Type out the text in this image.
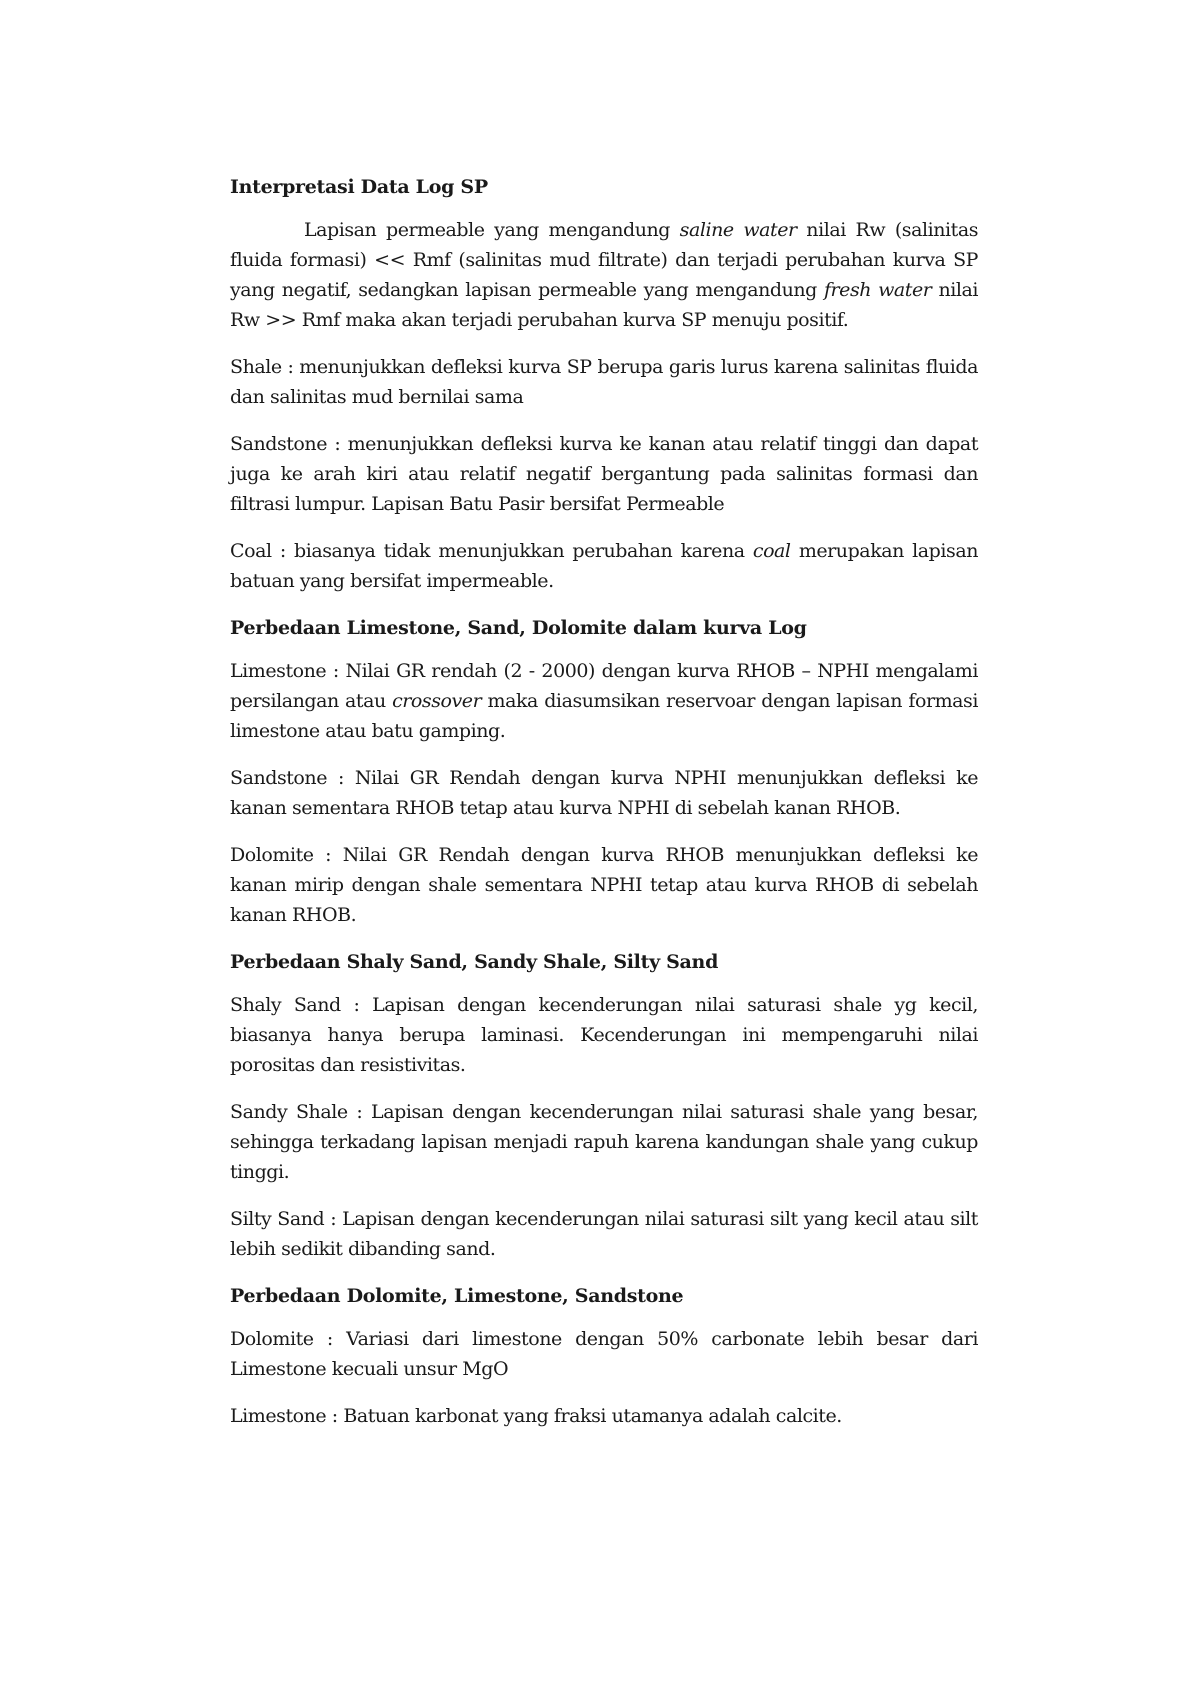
Interpretasi Data Log SP

Lapisan permeable yang mengandung saline water nilai Rw (salinitas fluida formasi) << Rmf (salinitas mud filtrate) dan terjadi perubahan kurva SP yang negatif, sedangkan lapisan permeable yang mengandung fresh water nilai Rw >> Rmf maka akan terjadi perubahan kurva SP menuju positif.

Shale : menunjukkan defleksi kurva SP berupa garis lurus karena salinitas fluida dan salinitas mud bernilai sama

Sandstone : menunjukkan defleksi kurva ke kanan atau relatif tinggi dan dapat juga ke arah kiri atau relatif negatif bergantung pada salinitas formasi dan filtrasi lumpur. Lapisan Batu Pasir bersifat Permeable

Coal : biasanya tidak menunjukkan perubahan karena coal merupakan lapisan batuan yang bersifat impermeable.

Perbedaan Limestone, Sand, Dolomite dalam kurva Log

Limestone : Nilai GR rendah (2 - 2000) dengan kurva RHOB – NPHI mengalami persilangan atau crossover maka diasumsikan reservoar dengan lapisan formasi limestone atau batu gamping.

Sandstone : Nilai GR Rendah dengan kurva NPHI menunjukkan defleksi ke kanan sementara RHOB tetap atau kurva NPHI di sebelah kanan RHOB.

Dolomite : Nilai GR Rendah dengan kurva RHOB menunjukkan defleksi ke kanan mirip dengan shale sementara NPHI tetap atau kurva RHOB di sebelah kanan RHOB.

Perbedaan Shaly Sand, Sandy Shale, Silty Sand

Shaly Sand : Lapisan dengan kecenderungan nilai saturasi shale yg kecil, biasanya hanya berupa laminasi. Kecenderungan ini mempengaruhi nilai porositas dan resistivitas.

Sandy Shale : Lapisan dengan kecenderungan nilai saturasi shale yang besar, sehingga terkadang lapisan menjadi rapuh karena kandungan shale yang cukup tinggi.

Silty Sand : Lapisan dengan kecenderungan nilai saturasi silt yang kecil atau silt lebih sedikit dibanding sand.

Perbedaan Dolomite, Limestone, Sandstone

Dolomite : Variasi dari limestone dengan 50% carbonate lebih besar dari Limestone kecuali unsur MgO

Limestone : Batuan karbonat yang fraksi utamanya adalah calcite.
